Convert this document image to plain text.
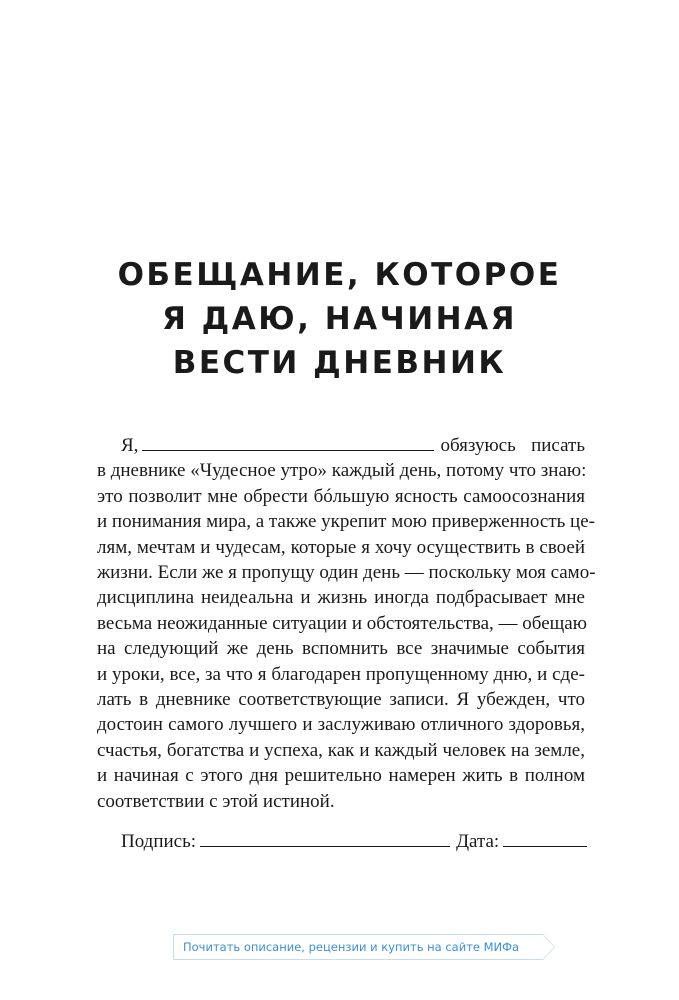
ОБЕЩАНИЕ, КОТОРОЕ
Я ДАЮ, НАЧИНАЯ
ВЕСТИ ДНЕВНИК
Я,	обязуюсь писать
в дневнике «Чудесное утро» каждый день, потому что знаю:
это позволит мне обрести бóльшую ясность самоосознания
и понимания мира, а также укрепит мою приверженность це-
лям, мечтам и чудесам, которые я хочу осуществить в своей
жизни. Если же я пропущу один день — поскольку моя само-
дисциплина неидеальна и жизнь иногда подбрасывает мне
весьма неожиданные ситуации и обстоятельства, — обещаю
на следующий же день вспомнить все значимые события
и уроки, все, за что я благодарен пропущенному дню, и сде-
лать в дневнике соответствующие записи. Я убежден, что
достоин самого лучшего и заслуживаю отличного здоровья,
счастья, богатства и успеха, как и каждый человек на земле,
и начиная с этого дня решительно намерен жить в полном
соответствии с этой истиной.
Подпись:	Дата:
Почитать описание, рецензии и купить на сайте МИФа
